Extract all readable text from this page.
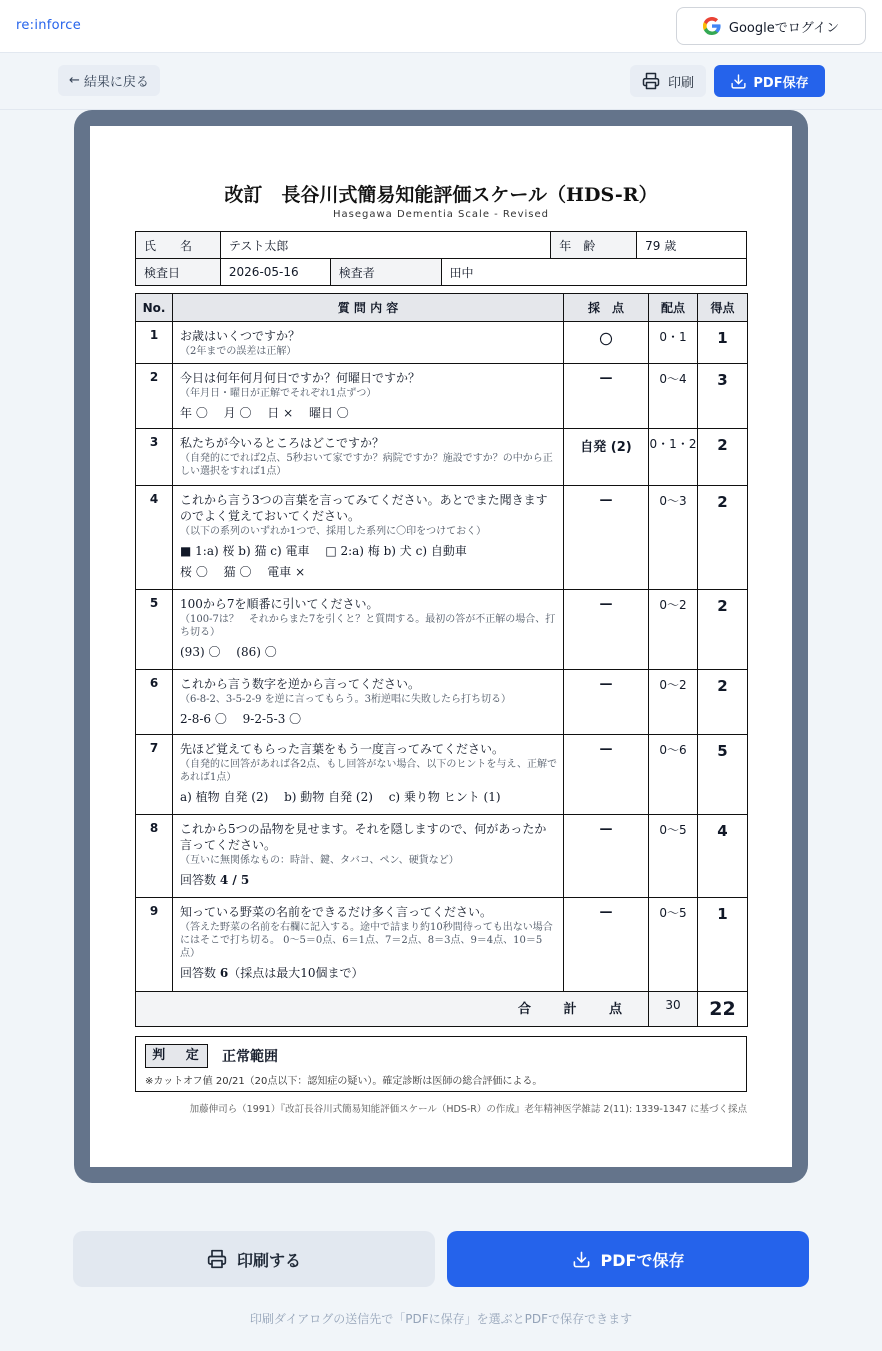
re:inforce	Googleでログイン
← 結果に戻る	印刷	PDF保存
改訂　長谷川式簡易知能評価スケール（HDS-R）
Hasegawa Dementia Scale - Revised
氏　　名	テスト太郎			年　齢	79 歳
検査日	2026-05-16	検査者	田中		
No.	質 問 内 容	採　点	配点	得点
1	お歳はいくつですか？
（2年までの誤差は正解）	〇	0・1	1
2	今日は何年何月何日ですか？何曜日ですか？
（年月日・曜日が正解でそれぞれ1点ずつ）
年 〇　 月 〇　 日 ×　 曜日 〇	—	0〜4	3
3	私たちが今いるところはどこですか？
（自発的にでれば2点、5秒おいて家ですか？病院ですか？施設ですか？の中から正しい選択をすれば1点）	自発 (2)	0・1・2	2
4	これから言う3つの言葉を言ってみてください。あとでまた聞きますのでよく覚えておいてください。
（以下の系列のいずれか1つで、採用した系列に〇印をつけておく）
■ 1:a) 桜 b) 猫 c) 電車　 □ 2:a) 梅 b) 犬 c) 自動車
桜 〇　 猫 〇　 電車 ×	—	0〜3	2
5	100から7を順番に引いてください。
（100-7は？　それからまた7を引くと？と質問する。最初の答が不正解の場合、打ち切る）
(93) 〇　 (86) 〇	—	0〜2	2
6	これから言う数字を逆から言ってください。
（6-8-2、3-5-2-9 を逆に言ってもらう。3桁逆唱に失敗したら打ち切る）
2-8-6 〇　 9-2-5-3 〇	—	0〜2	2
7	先ほど覚えてもらった言葉をもう一度言ってみてください。
（自発的に回答があれば各2点、もし回答がない場合、以下のヒントを与え、正解であれば1点）
a) 植物 自発 (2)　 b) 動物 自発 (2)　 c) 乗り物 ヒント (1)	—	0〜6	5
8	これから5つの品物を見せます。それを隠しますので、何があったか言ってください。
（互いに無関係なもの：時計、鍵、タバコ、ペン、硬貨など）
回答数 4 / 5	—	0〜5	4
9	知っている野菜の名前をできるだけ多く言ってください。
（答えた野菜の名前を右欄に記入する。途中で詰まり約10秒間待っても出ない場合にはそこで打ち切る。 0〜5＝0点、6＝1点、7＝2点、8＝3点、9＝4点、10＝5点）
回答数 6（採点は最大10個まで）	—	0〜5	1
合 計 点			30	22
判 定 正常範囲
※カットオフ値 20/21（20点以下：認知症の疑い）。確定診断は医師の総合評価による。
加藤伸司ら（1991）『改訂長谷川式簡易知能評価スケール（HDS-R）の作成』老年精神医学雑誌 2(11): 1339-1347 に基づく採点
印刷する	PDFで保存
印刷ダイアログの送信先で「PDFに保存」を選ぶとPDFで保存できます
